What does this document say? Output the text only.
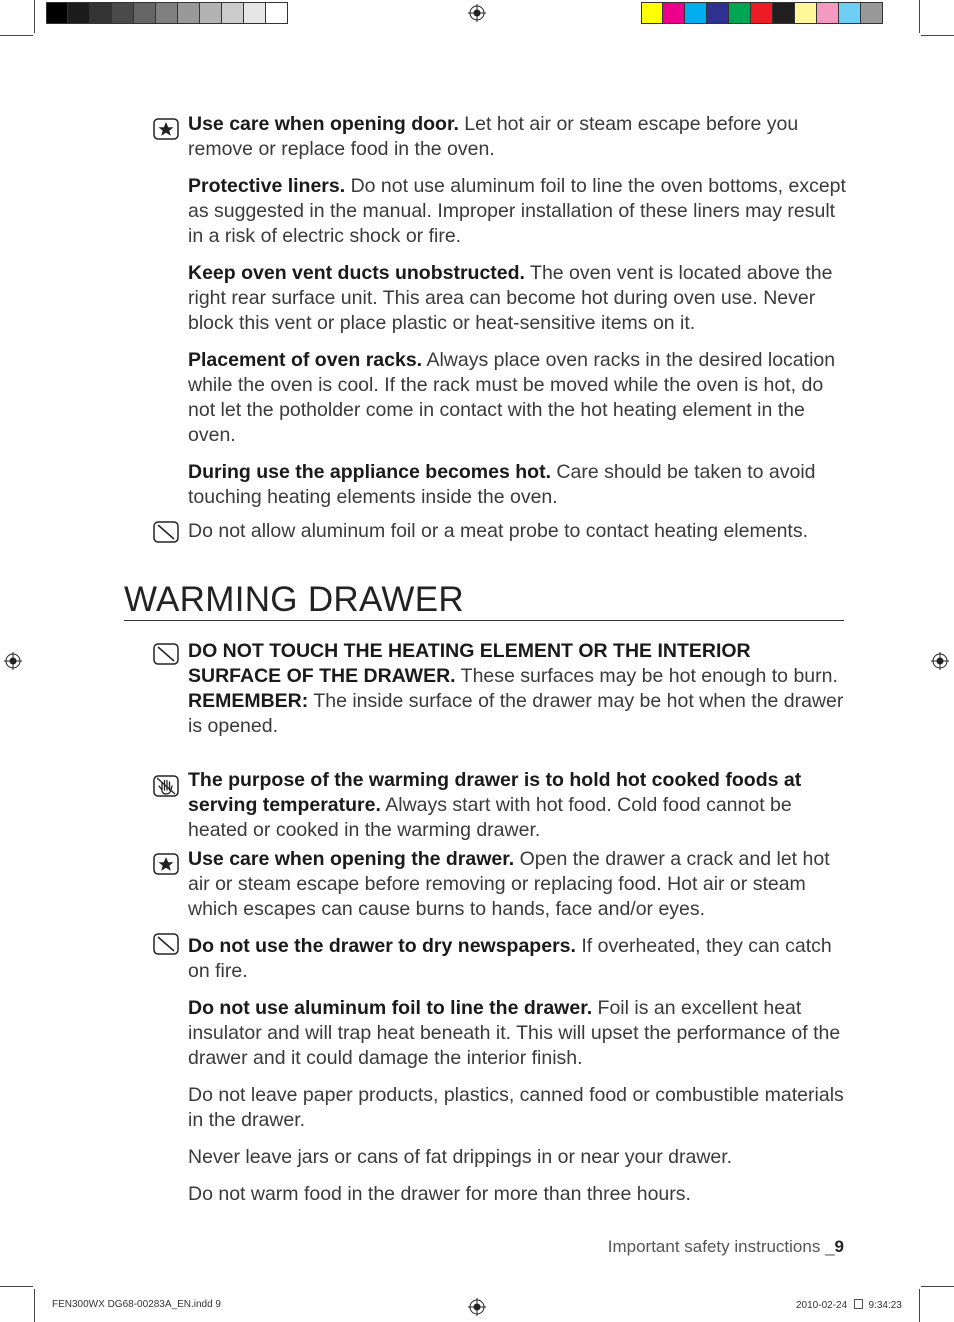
Use care when opening door. Let hot air or steam escape before you remove or replace food in the oven.
Protective liners. Do not use aluminum foil to line the oven bottoms, except as suggested in the manual. Improper installation of these liners may result in a risk of electric shock or fire.
Keep oven vent ducts unobstructed. The oven vent is located above the right rear surface unit. This area can become hot during oven use. Never block this vent or place plastic or heat-sensitive items on it.
Placement of oven racks. Always place oven racks in the desired location while the oven is cool. If the rack must be moved while the oven is hot, do not let the potholder come in contact with the hot heating element in the oven.
During use the appliance becomes hot. Care should be taken to avoid touching heating elements inside the oven.
Do not allow aluminum foil or a meat probe to contact heating elements.
WARMING DRAWER
DO NOT TOUCH THE HEATING ELEMENT OR THE INTERIOR SURFACE OF THE DRAWER. These surfaces may be hot enough to burn.
REMEMBER: The inside surface of the drawer may be hot when the drawer is opened.
The purpose of the warming drawer is to hold hot cooked foods at serving temperature. Always start with hot food. Cold food cannot be heated or cooked in the warming drawer.
Use care when opening the drawer. Open the drawer a crack and let hot air or steam escape before removing or replacing food. Hot air or steam which escapes can cause burns to hands, face and/or eyes.
Do not use the drawer to dry newspapers. If overheated, they can catch on fire.
Do not use aluminum foil to line the drawer. Foil is an excellent heat insulator and will trap heat beneath it. This will upset the performance of the drawer and it could damage the interior finish.
Do not leave paper products, plastics, canned food or combustible materials in the drawer.
Never leave jars or cans of fat drippings in or near your drawer.
Do not warm food in the drawer for more than three hours.
Important safety instructions _9
FEN300WX DG68-00283A_EN.indd 9	2010-02-24   9:34:23
